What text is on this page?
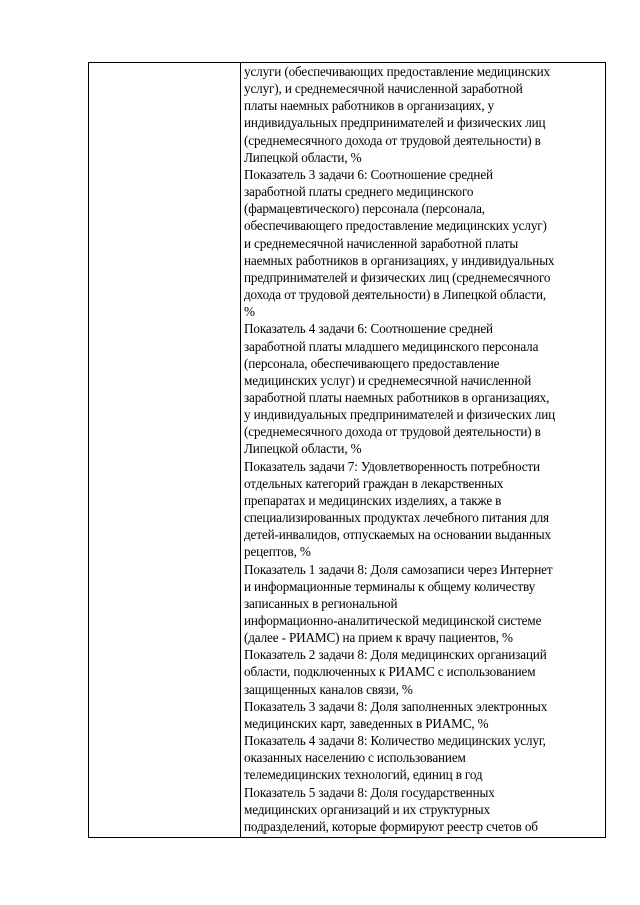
услуги (обеспечивающих предоставление медицинских
услуг), и среднемесячной начисленной заработной
платы наемных работников в организациях, у
индивидуальных предпринимателей и физических лиц
(среднемесячного дохода от трудовой деятельности) в
Липецкой области, %
Показатель 3 задачи 6: Соотношение средней
заработной платы среднего медицинского
(фармацевтического) персонала (персонала,
обеспечивающего предоставление медицинских услуг)
и среднемесячной начисленной заработной платы
наемных работников в организациях, у индивидуальных
предпринимателей и физических лиц (среднемесячного
дохода от трудовой деятельности) в Липецкой области,
%
Показатель 4 задачи 6: Соотношение средней
заработной платы младшего медицинского персонала
(персонала, обеспечивающего предоставление
медицинских услуг) и среднемесячной начисленной
заработной платы наемных работников в организациях,
у индивидуальных предпринимателей и физических лиц
(среднемесячного дохода от трудовой деятельности) в
Липецкой области, %
Показатель задачи 7: Удовлетворенность потребности
отдельных категорий граждан в лекарственных
препаратах и медицинских изделиях, а также в
специализированных продуктах лечебного питания для
детей-инвалидов, отпускаемых на основании выданных
рецептов, %
Показатель 1 задачи 8: Доля самозаписи через Интернет
и информационные терминалы к общему количеству
записанных в региональной
информационно-аналитической медицинской системе
(далее - РИАМС) на прием к врачу пациентов, %
Показатель 2 задачи 8: Доля медицинских организаций
области, подключенных к РИАМС с использованием
защищенных каналов связи, %
Показатель 3 задачи 8: Доля заполненных электронных
медицинских карт, заведенных в РИАМС, %
Показатель 4 задачи 8: Количество медицинских услуг,
оказанных населению с использованием
телемедицинских технологий, единиц в год
Показатель 5 задачи 8: Доля государственных
медицинских организаций и их структурных
подразделений, которые формируют реестр счетов об
